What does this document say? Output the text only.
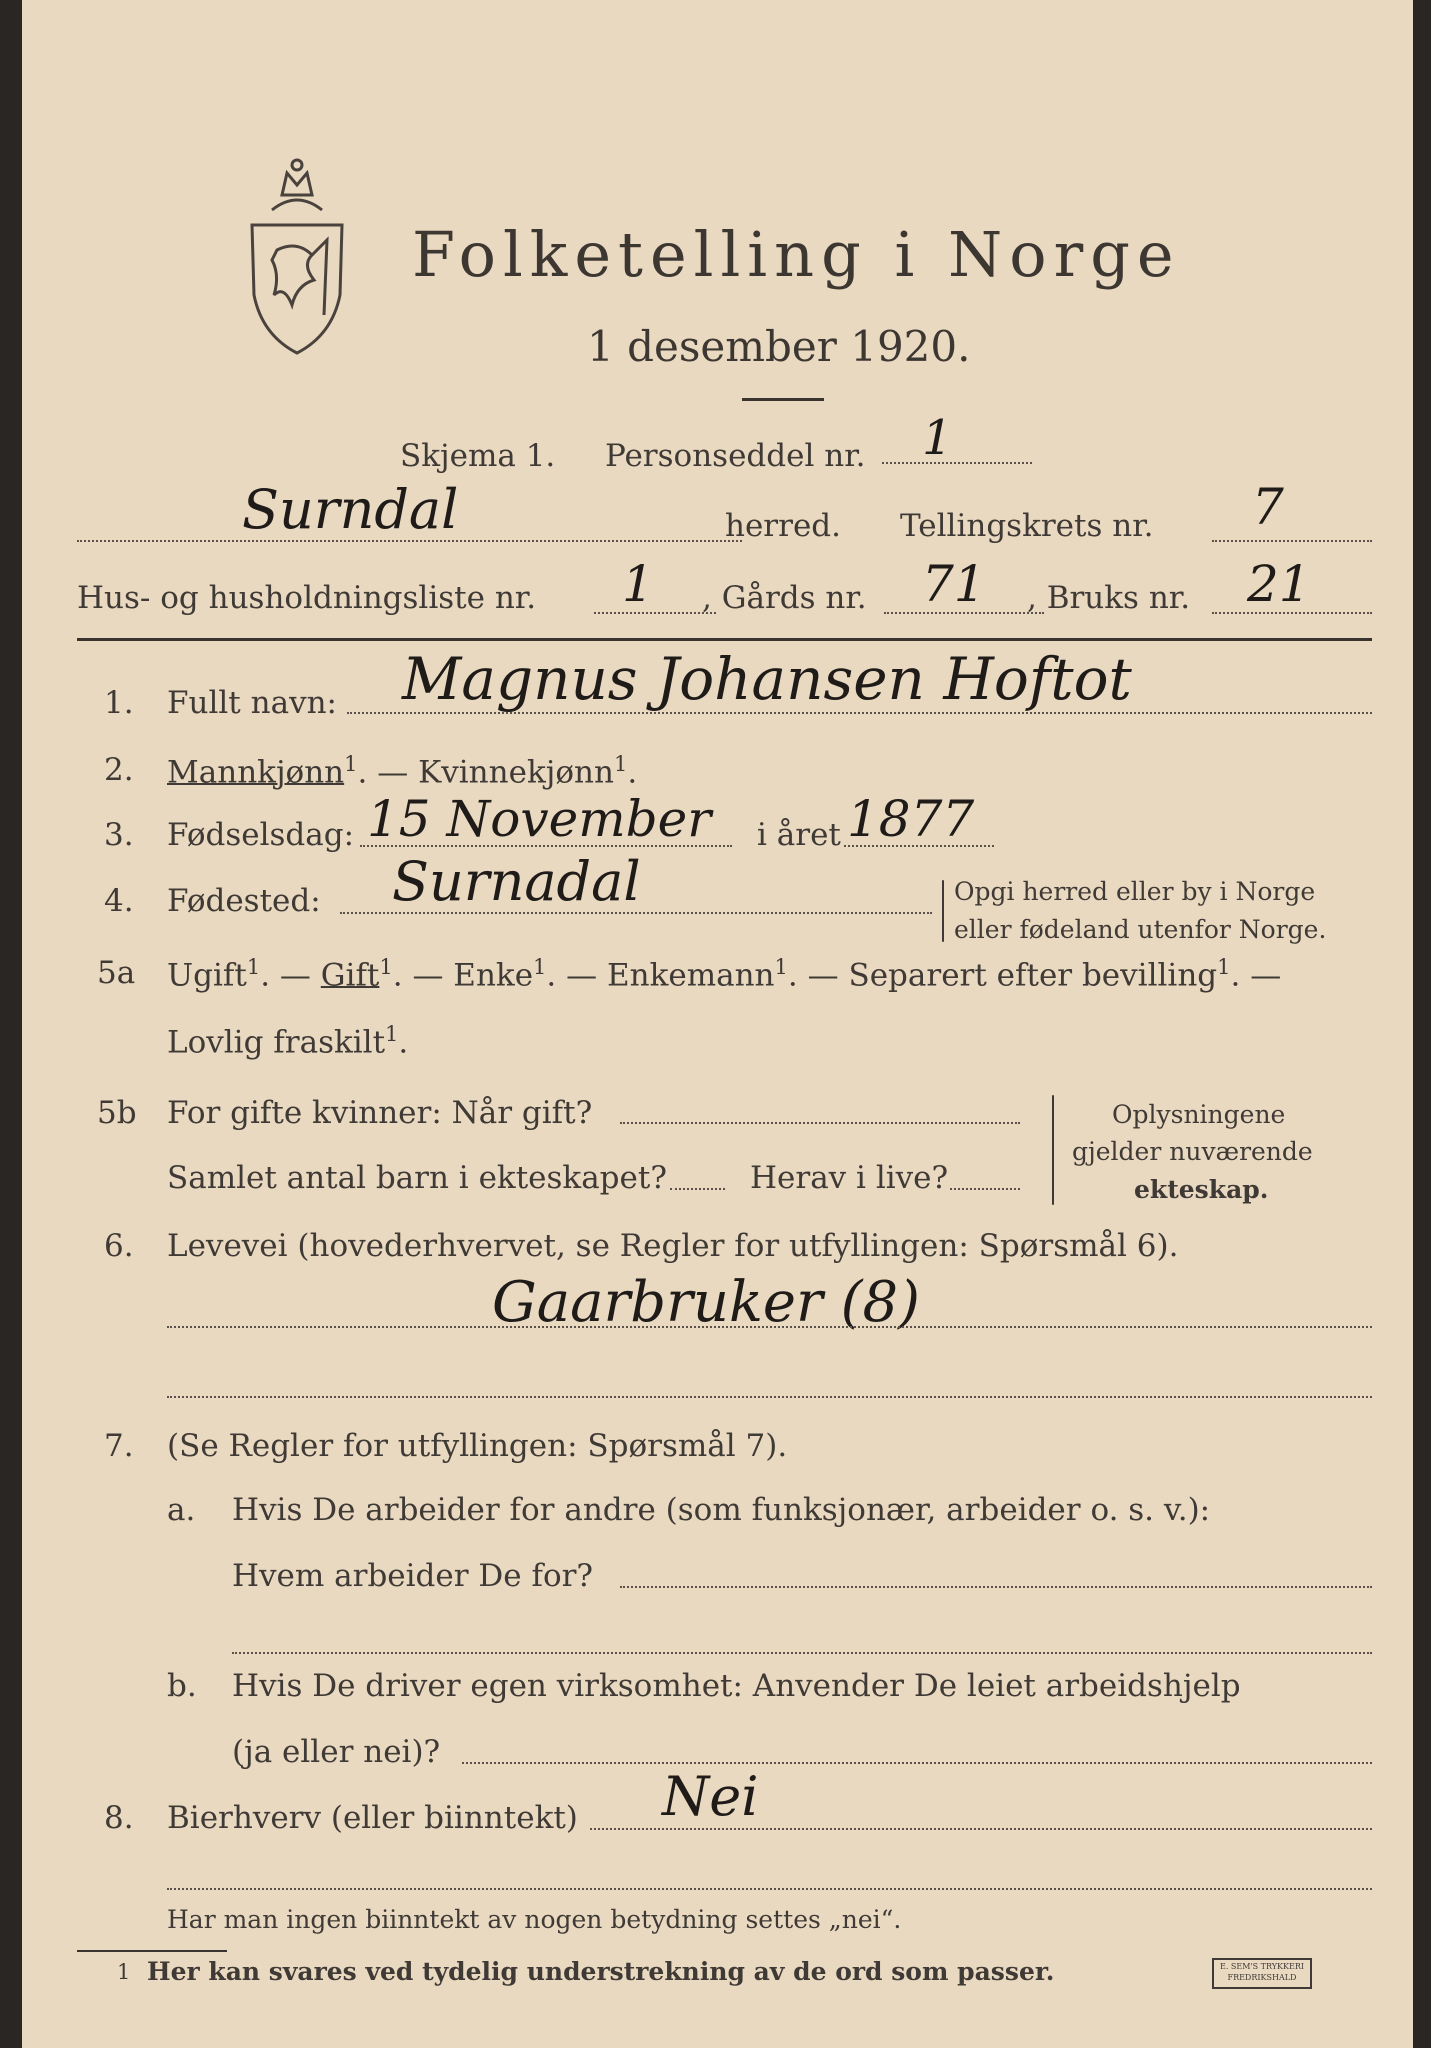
Folketelling i Norge
1 desember 1920.
Skjema 1. Personseddel nr. 1
Surndal	herred. Tellingskrets nr. 7
Hus- og husholdningsliste nr. 1 , Gårds nr. 71 , Bruks nr. 21
1. Fullt navn: Magnus Johansen Hoftot
2. Mannkjønn$^1$. — Kvinnekjønn$^1$.
3. Fødselsdag: 15 November i året 1877
4. Fødested: Surnadal	Opgi herred eller by i Norge
eller fødeland utenfor Norge.
5a Ugift$^1$. — Gift$^1$. — Enke$^1$. — Enkemann$^1$. — Separert efter bevilling$^1$. —
Lovlig fraskilt$^1$.
5b For gifte kvinner: Når gift?
Samlet antal barn i ekteskapet?	Herav i live?
Oplysningene
gjelder nuværende
ekteskap.
6. Levevei (hovederhvervet, se Regler for utfyllingen: Spørsmål 6).
Gaarbruker (8)
7. (Se Regler for utfyllingen: Spørsmål 7).
a. Hvis De arbeider for andre (som funksjonær, arbeider o. s. v.):
Hvem arbeider De for?
b. Hvis De driver egen virksomhet: Anvender De leiet arbeidshjelp
(ja eller nei)?
8. Bierhverv (eller biinntekt) Nei
Har man ingen biinntekt av nogen betydning settes „nei“.
1 Her kan svares ved tydelig understrekning av de ord som passer.	E. SEM'S TRYKKERI
FREDRIKSHALD
